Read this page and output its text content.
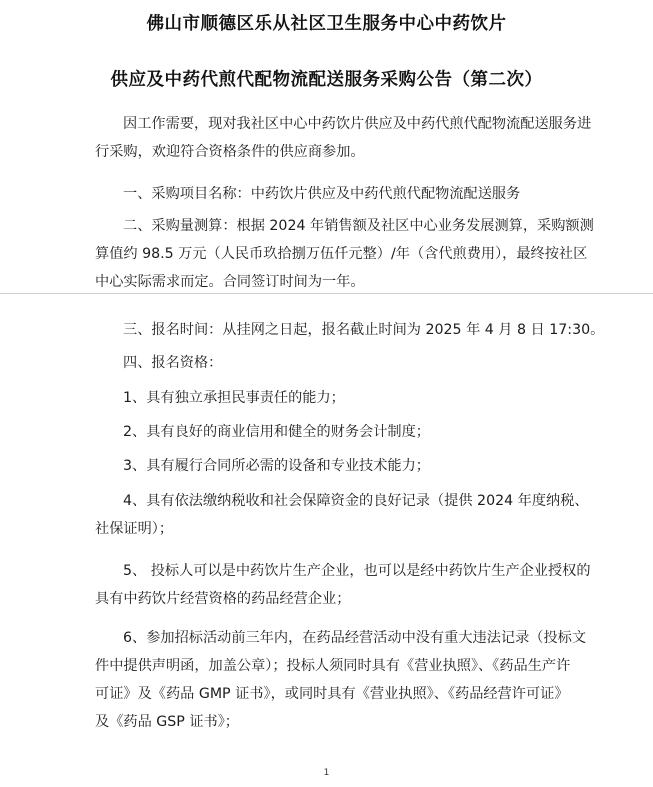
佛山市顺德区乐从社区卫生服务中心中药饮片
供应及中药代煎代配物流配送服务采购公告（第二次）
因工作需要，现对我社区中心中药饮片供应及中药代煎代配物流配送服务进
行采购，欢迎符合资格条件的供应商参加。
一、采购项目名称：中药饮片供应及中药代煎代配物流配送服务
二、采购量测算：根据 2024 年销售额及社区中心业务发展测算，采购额测
算值约 98.5 万元（人民币玖拾捌万伍仟元整）/年（含代煎费用），最终按社区
中心实际需求而定。合同签订时间为一年。
三、报名时间：从挂网之日起，报名截止时间为 2025 年 4 月 8 日 17:30。
四、报名资格：
1、具有独立承担民事责任的能力；
2、具有良好的商业信用和健全的财务会计制度；
3、具有履行合同所必需的设备和专业技术能力；
4、具有依法缴纳税收和社会保障资金的良好记录（提供 2024 年度纳税、
社保证明）；
5、 投标人可以是中药饮片生产企业，也可以是经中药饮片生产企业授权的
具有中药饮片经营资格的药品经营企业；
6、参加招标活动前三年内，在药品经营活动中没有重大违法记录（投标文
件中提供声明函，加盖公章）；投标人须同时具有《营业执照》、《药品生产许
可证》及《药品 GMP 证书》，或同时具有《营业执照》、《药品经营许可证》
及《药品 GSP 证书》；
1
